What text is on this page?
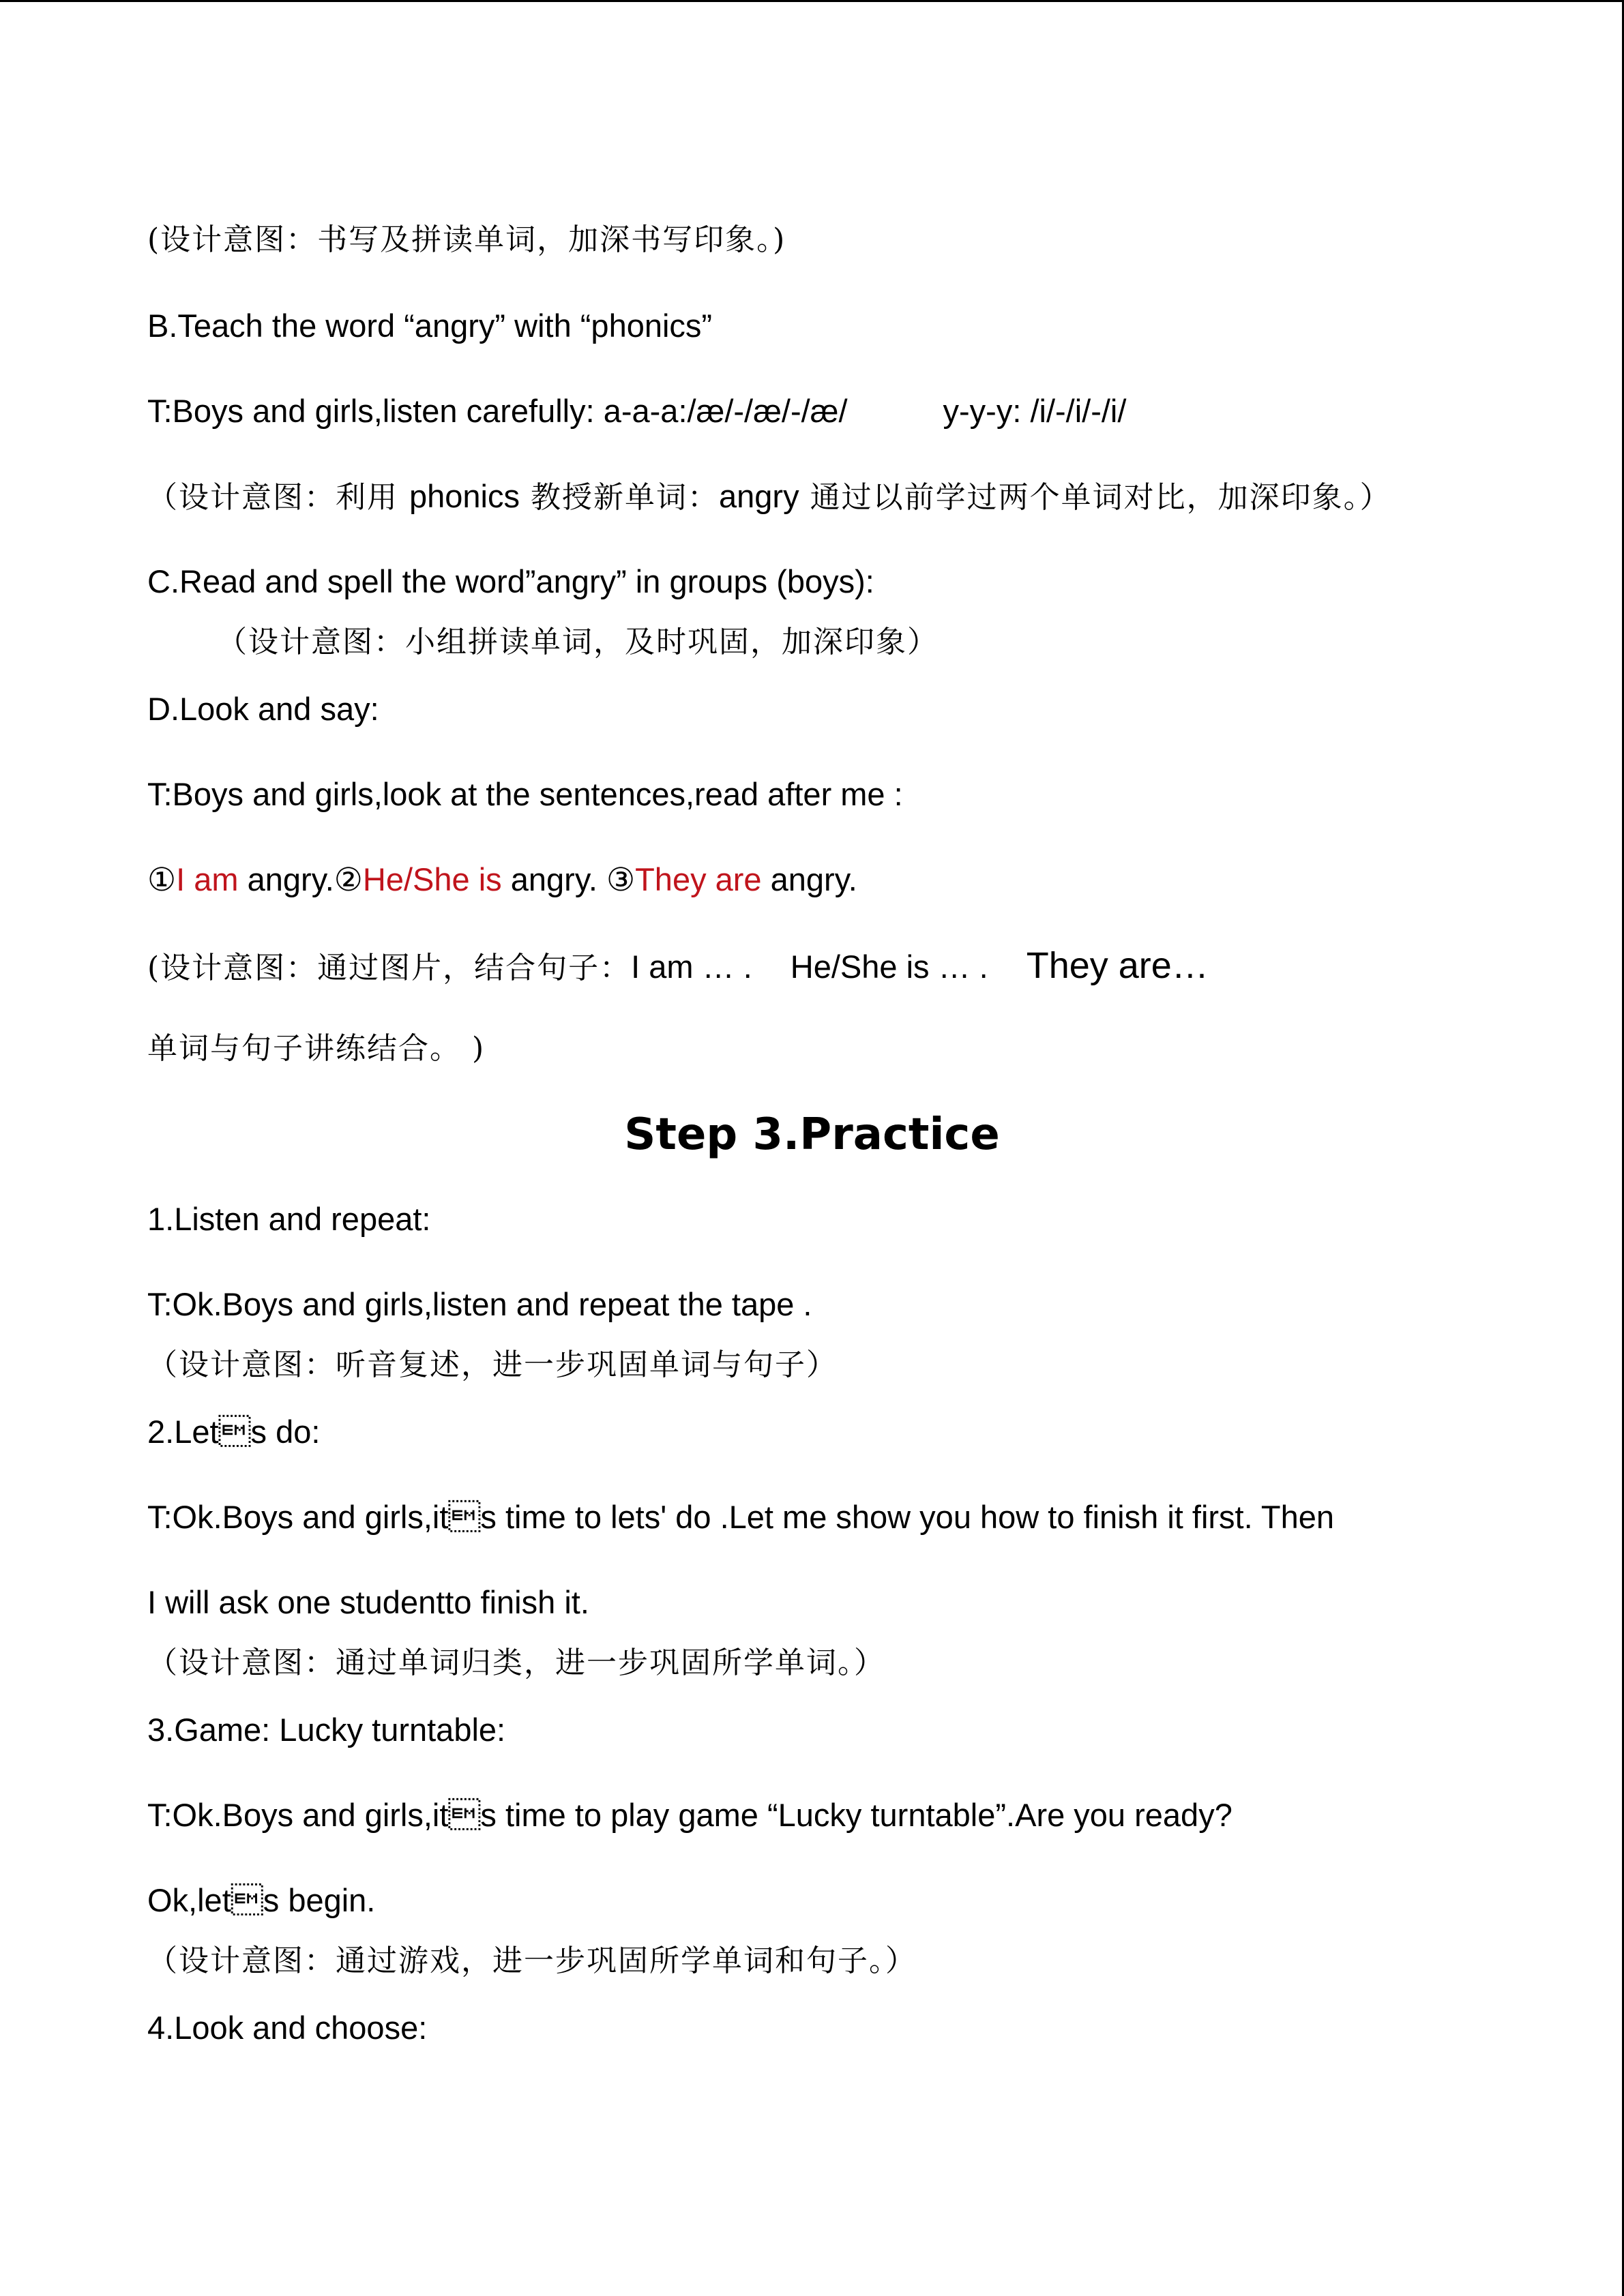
(设计意图：书写及拼读单词，加深书写印象。)
B.Teach the word “angry” with “phonics”
T:Boys and girls,listen carefully: a-a-a:/æ/-/æ/-/æ/	y-y-y: /i/-/i/-/i/
（设计意图：利用 phonics 教授新单词：angry 通过以前学过两个单词对比，加深印象。）
C.Read and spell the word”angry” in groups (boys):
（设计意图：小组拼读单词，及时巩固，加深印象）
D.Look and say:
T:Boys and girls,look at the sentences,read after me :
①I am angry.②He/She is angry. ③They are angry.
(设计意图：通过图片，结合句子：I am … . He/She is … . They are…
单词与句子讲练结合。 )
Step 3.Practice
1.Listen and repeat:
T:Ok.Boys and girls,listen and repeat the tape .
（设计意图：听音复述，进一步巩固单词与句子）
2.Lets do:
T:Ok.Boys and girls,its time to lets' do .Let me show you how to finish it first. Then
I will ask one studentto finish it.
（设计意图：通过单词归类，进一步巩固所学单词。）
3.Game: Lucky turntable:
T:Ok.Boys and girls,its time to play game “Lucky turntable”.Are you ready?
Ok,lets begin.
（设计意图：通过游戏，进一步巩固所学单词和句子。）
4.Look and choose:
